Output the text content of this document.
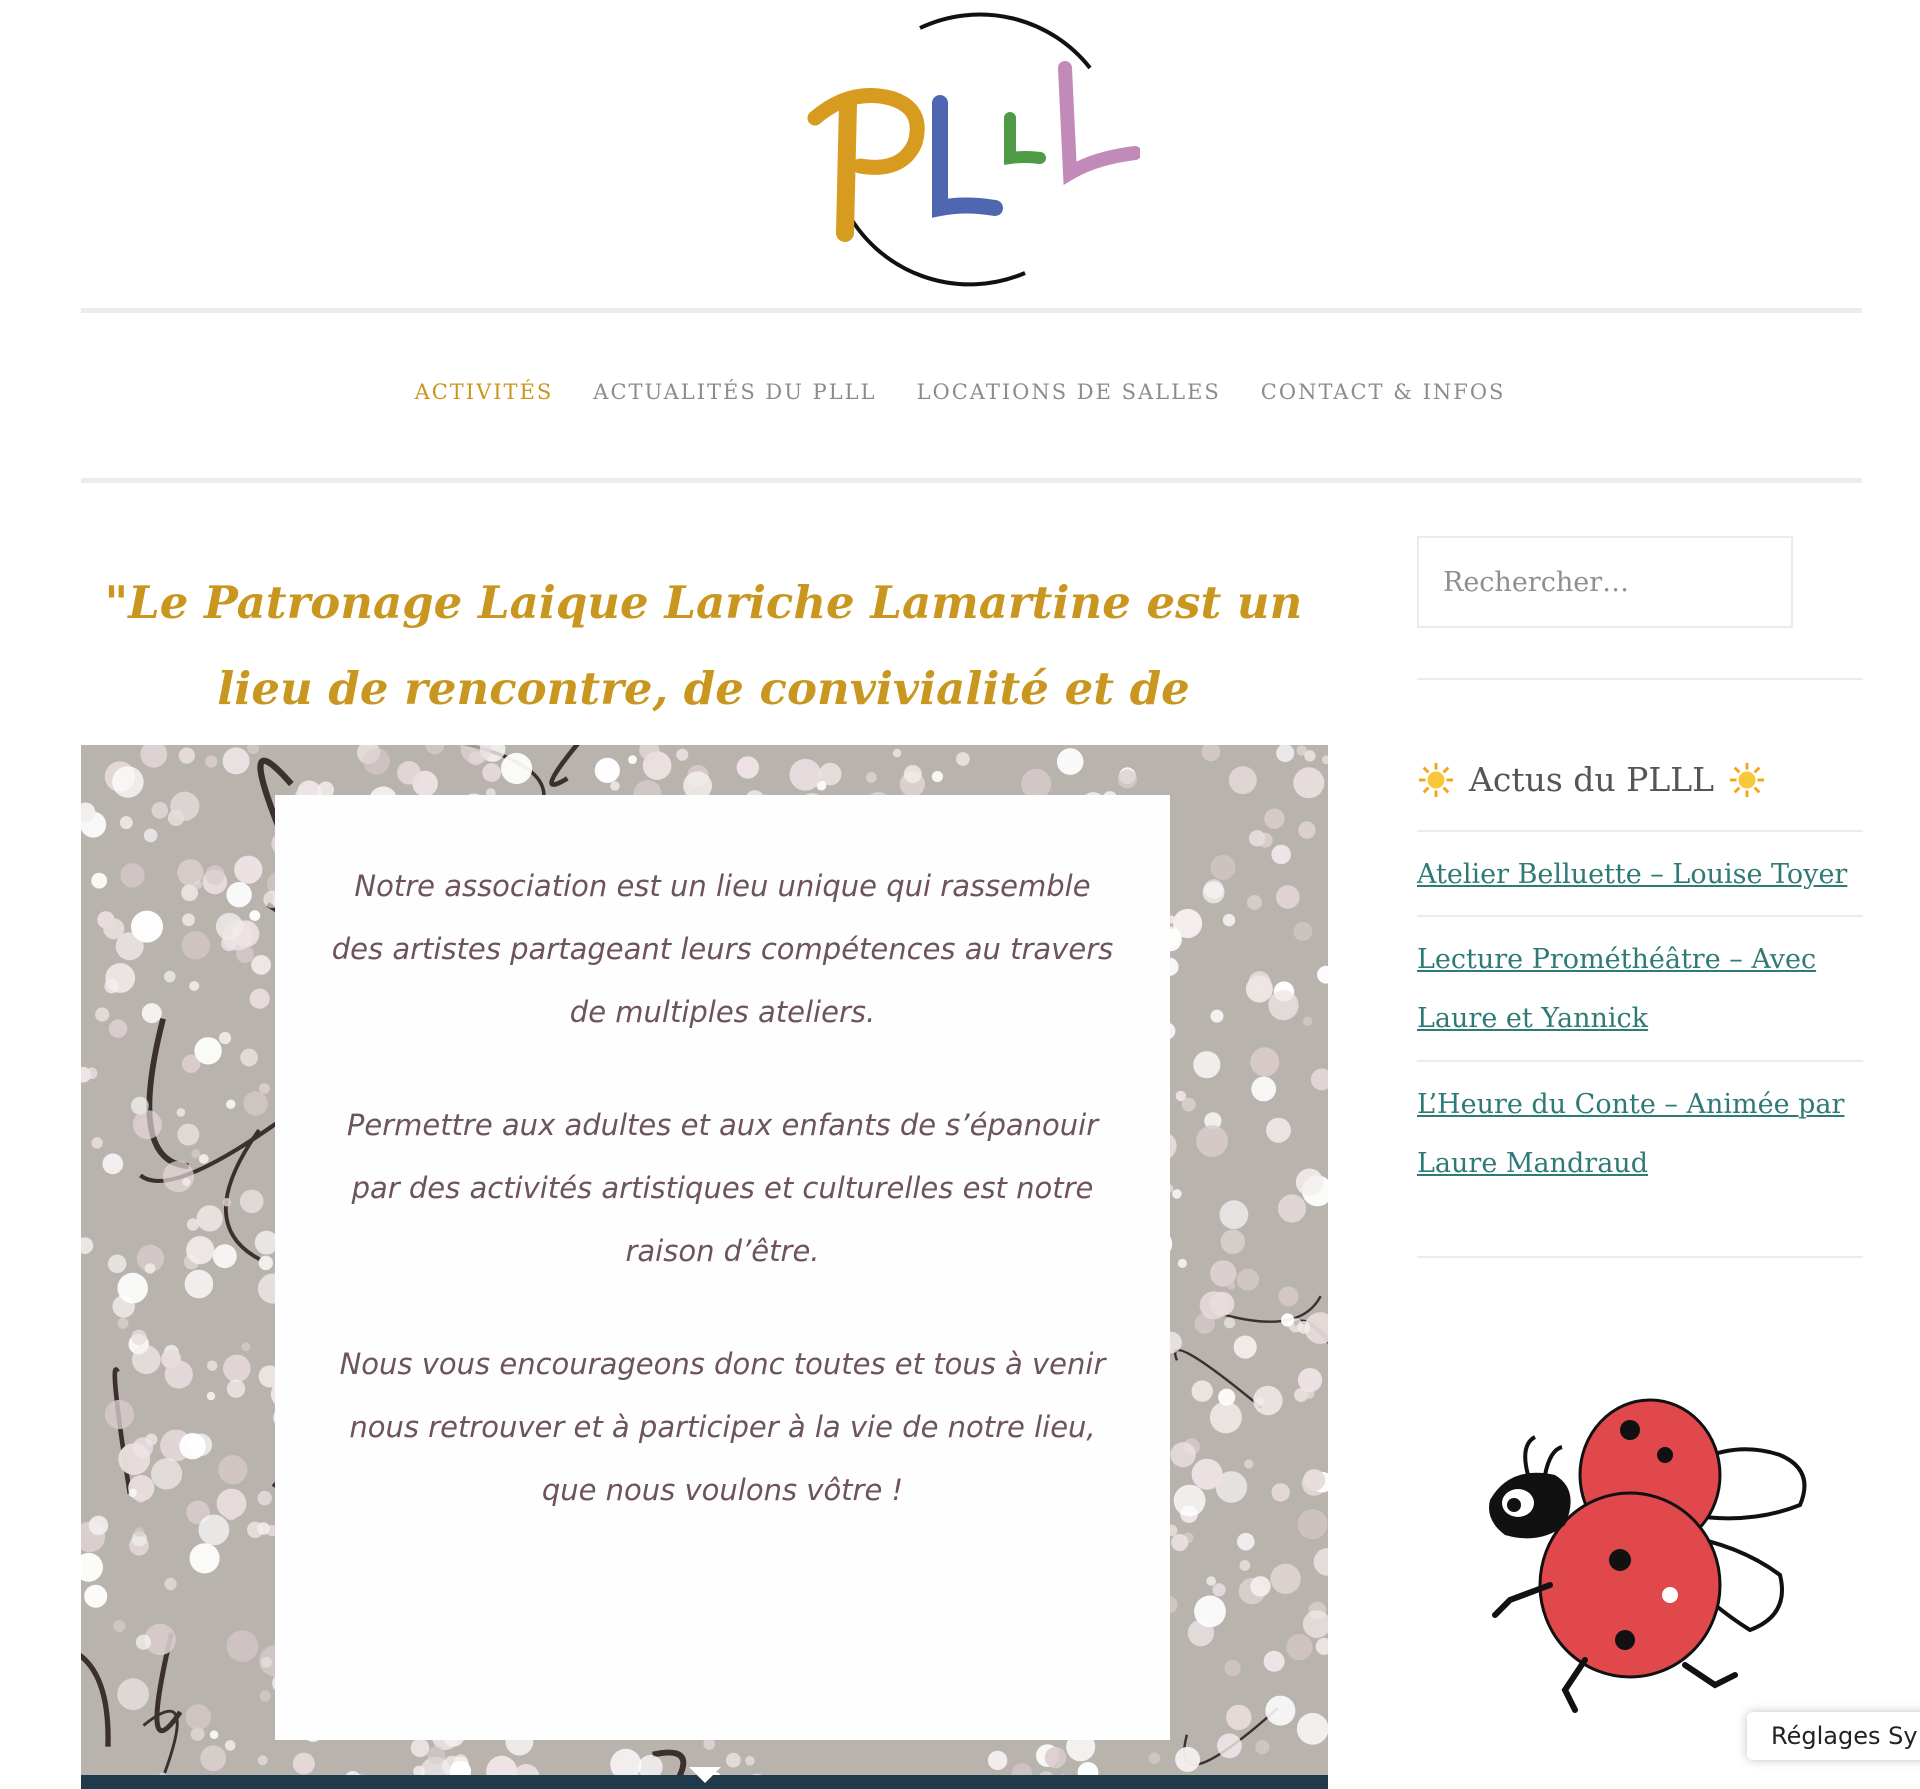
ACTIVITÉS ACTUALITÉS DU PLLL LOCATIONS DE SALLES CONTACT & INFOS
"Le Patronage Laique Lariche Lamartine est un lieu de rencontre, de convivialité et de

Notre association est un lieu unique qui rassemble des artistes partageant leurs compétences au travers de multiples ateliers.

Permettre aux adultes et aux enfants de s’épanouir par des activités artistiques et culturelles est notre raison d’être.

Nous vous encourageons donc toutes et tous à venir nous retrouver et à participer à la vie de notre lieu, que nous voulons vôtre !

Rechercher…
Actus du PLLL
Atelier Belluette – Louise Toyer
Lecture Prométhéâtre – Avec Laure et Yannick
L’Heure du Conte – Animée par Laure Mandraud
Réglages Sy
